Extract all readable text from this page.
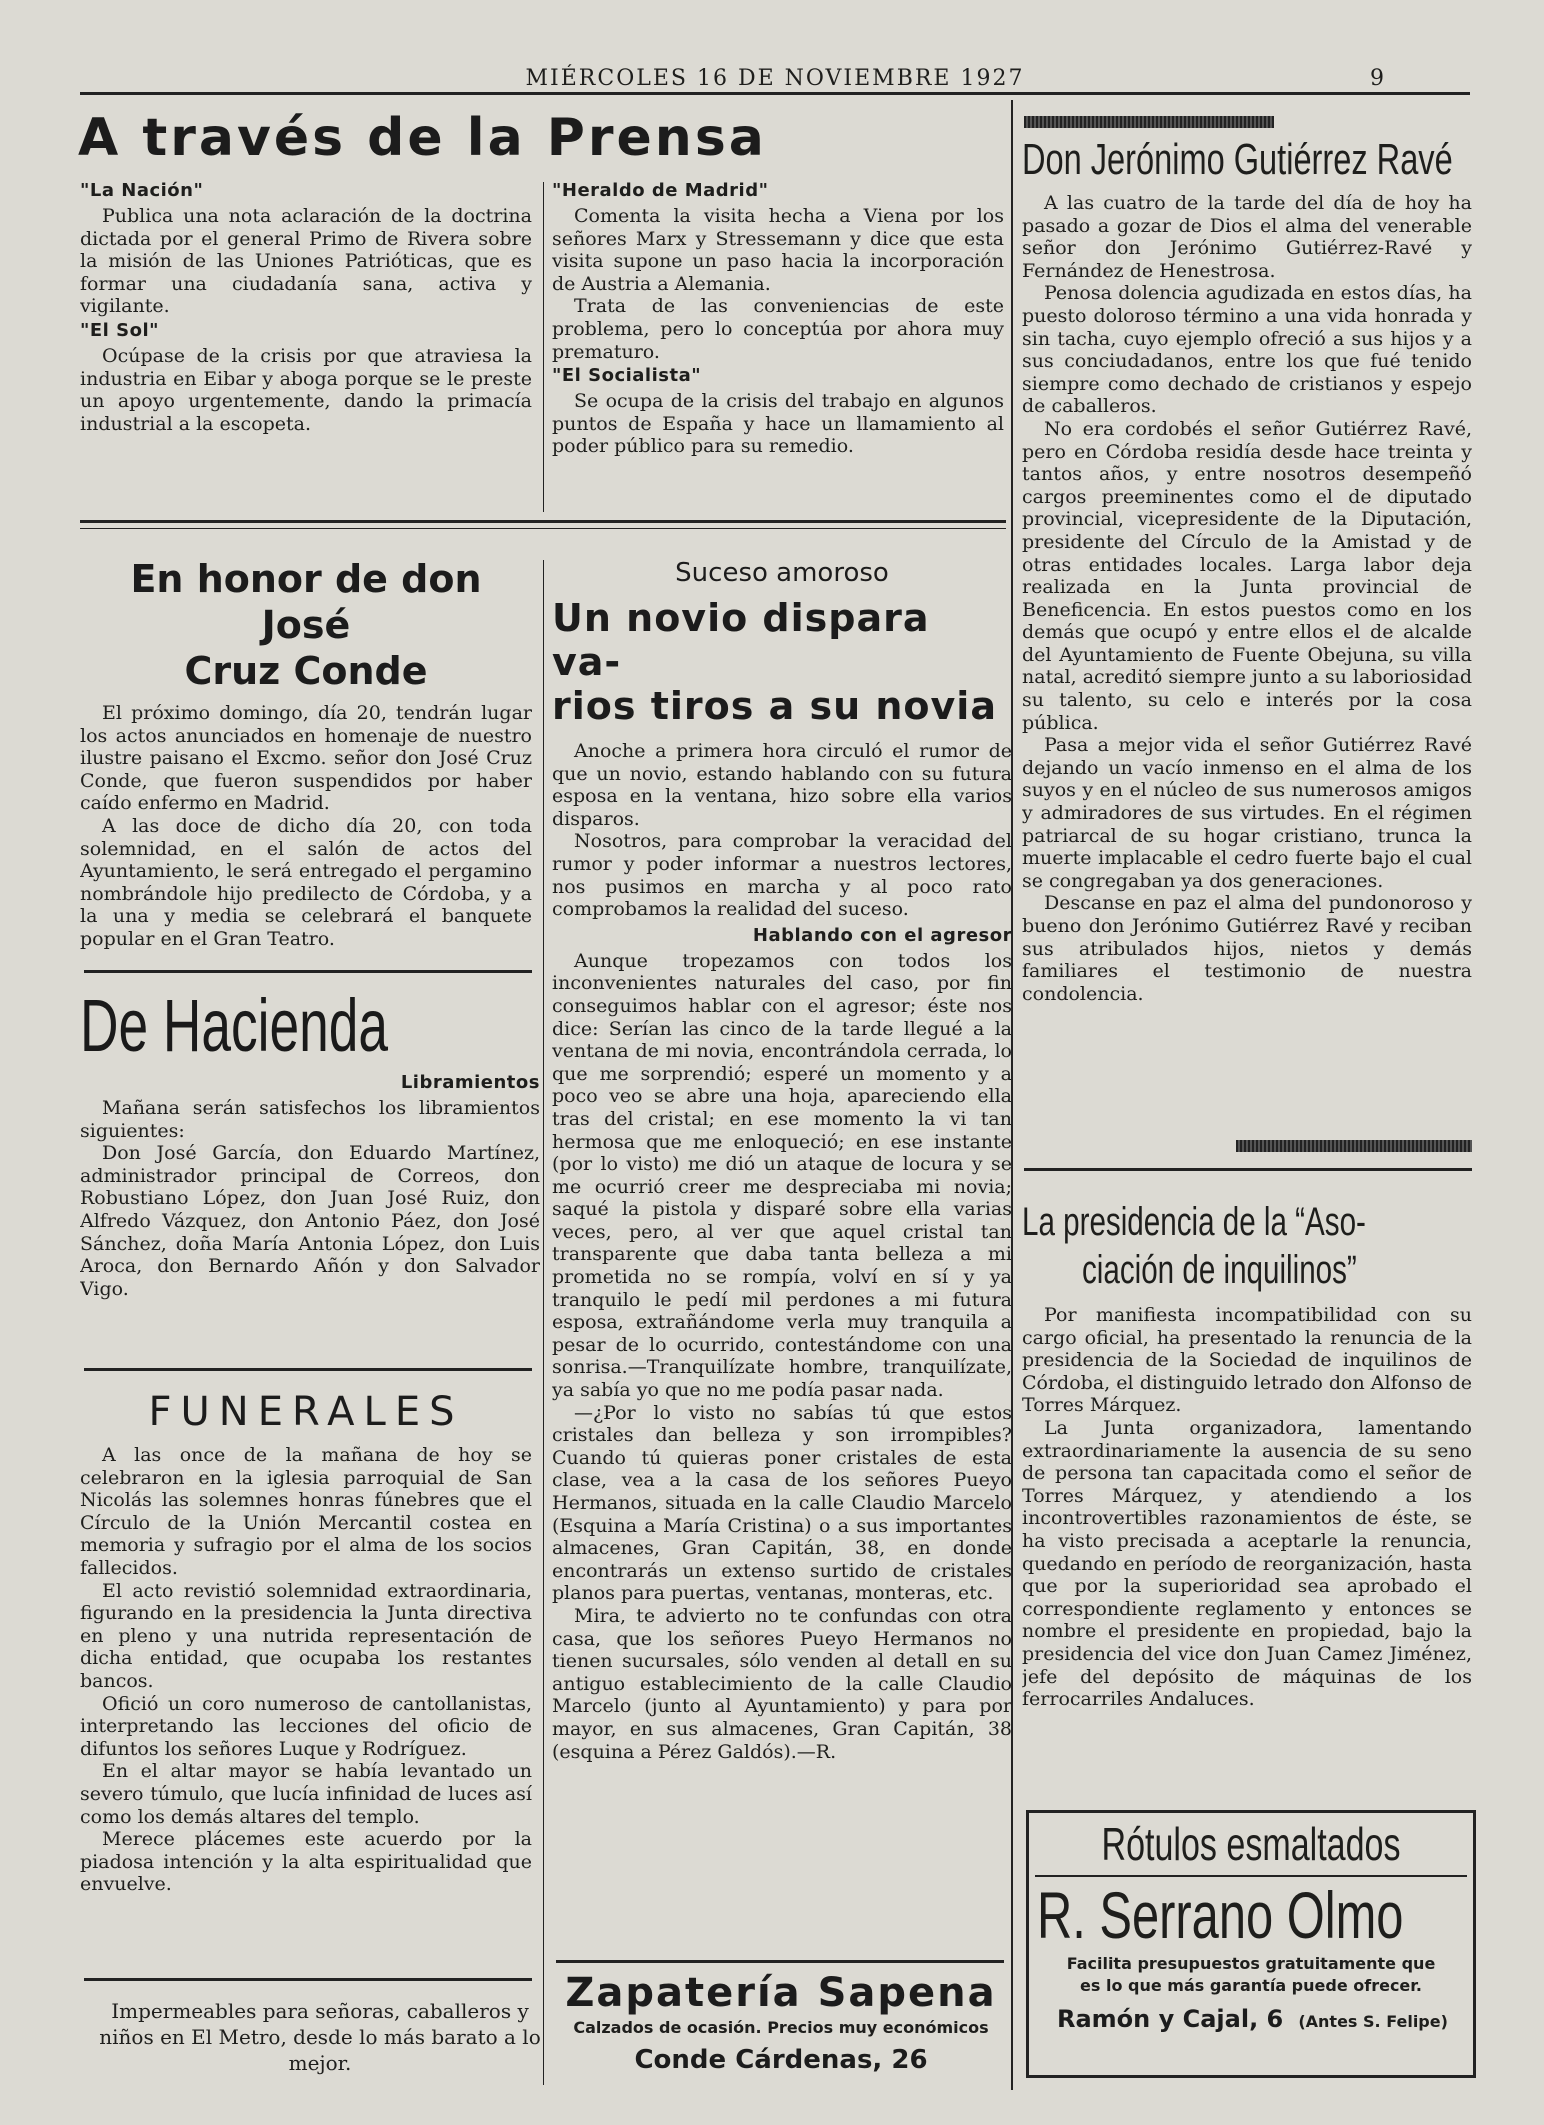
MIÉRCOLES 16 DE NOVIEMBRE 1927	9
A través de la Prensa
"La Nación"

Publica una nota aclaración de la doctrina dictada por el general Primo de Rivera sobre la misión de las Uniones Patrióticas, que es formar una ciudadanía sana, activa y vigilante.

"El Sol"

Ocúpase de la crisis por que atraviesa la industria en Eibar y aboga porque se le preste un apoyo urgentemente, dando la primacía industrial a la escopeta.

"Heraldo de Madrid"

Comenta la visita hecha a Viena por los señores Marx y Stressemann y dice que esta visita supone un paso hacia la incorporación de Austria a Alemania.

Trata de las conveniencias de este problema, pero lo conceptúa por ahora muy prematuro.

"El Socialista"

Se ocupa de la crisis del trabajo en algunos puntos de España y hace un llamamiento al poder público para su remedio.

En honor de don José
Cruz Conde

El próximo domingo, día 20, tendrán lugar los actos anunciados en homenaje de nuestro ilustre paisano el Excmo. señor don José Cruz Conde, que fueron suspendidos por haber caído enfermo en Madrid.

A las doce de dicho día 20, con toda solemnidad, en el salón de actos del Ayuntamiento, le será entregado el pergamino nombrándole hijo predilecto de Córdoba, y a la una y media se celebrará el banquete popular en el Gran Teatro.

De Hacienda
Libramientos

Mañana serán satisfechos los libramientos siguientes:

Don José García, don Eduardo Martínez, administrador principal de Correos, don Robustiano López, don Juan José Ruiz, don Alfredo Vázquez, don Antonio Páez, don José Sánchez, doña María Antonia López, don Luis Aroca, don Bernardo Añón y don Salvador Vigo.

FUNERALES

A las once de la mañana de hoy se celebraron en la iglesia parroquial de San Nicolás las solemnes honras fúnebres que el Círculo de la Unión Mercantil costea en memoria y sufragio por el alma de los socios fallecidos.

El acto revistió solemnidad extraordinaria, figurando en la presidencia la Junta directiva en pleno y una nutrida representación de dicha entidad, que ocupaba los restantes bancos.

Ofició un coro numeroso de cantollanistas, interpretando las lecciones del oficio de difuntos los señores Luque y Rodríguez.

En el altar mayor se había levantado un severo túmulo, que lucía infinidad de luces así como los demás altares del templo.

Merece plácemes este acuerdo por la piadosa intención y la alta espiritualidad que envuelve.

Impermeables para señoras, caballeros y niños en El Metro, desde lo más barato a lo mejor.

Suceso amoroso
Un novio dispara va-
rios tiros a su novia

Anoche a primera hora circuló el rumor de que un novio, estando hablando con su futura esposa en la ventana, hizo sobre ella varios disparos.

Nosotros, para comprobar la veracidad del rumor y poder informar a nuestros lectores, nos pusimos en marcha y al poco rato comprobamos la realidad del suceso.

Hablando con el agresor

Aunque tropezamos con todos los inconvenientes naturales del caso, por fin conseguimos hablar con el agresor; éste nos dice: Serían las cinco de la tarde llegué a la ventana de mi novia, encontrándola cerrada, lo que me sorprendió; esperé un momento y a poco veo se abre una hoja, apareciendo ella tras del cristal; en ese momento la vi tan hermosa que me enloqueció; en ese instante (por lo visto) me dió un ataque de locura y se me ocurrió creer me despreciaba mi novia; saqué la pistola y disparé sobre ella varias veces, pero, al ver que aquel cristal tan transparente que daba tanta belleza a mi prometida no se rompía, volví en sí y ya tranquilo le pedí mil perdones a mi futura esposa, extrañándome verla muy tranquila a pesar de lo ocurrido, contestándome con una sonrisa.—Tranquilízate hombre, tranquilízate, ya sabía yo que no me podía pasar nada.

—¿Por lo visto no sabías tú que estos cristales dan belleza y son irrompibles? Cuando tú quieras poner cristales de esta clase, vea a la casa de los señores Pueyo Hermanos, situada en la calle Claudio Marcelo (Esquina a María Cristina) o a sus importantes almacenes, Gran Capitán, 38, en donde encontrarás un extenso surtido de cristales planos para puertas, ventanas, monteras, etc.

Mira, te advierto no te confundas con otra casa, que los señores Pueyo Hermanos no tienen sucursales, sólo venden al detall en su antiguo establecimiento de la calle Claudio Marcelo (junto al Ayuntamiento) y para por mayor, en sus almacenes, Gran Capitán, 38 (esquina a Pérez Galdós).—R.

Zapatería Sapena
Calzados de ocasión. Precios muy económicos
Conde Cárdenas, 26
Don Jerónimo Gutiérrez Ravé

A las cuatro de la tarde del día de hoy ha pasado a gozar de Dios el alma del venerable señor don Jerónimo Gutiérrez-Ravé y Fernández de Henestrosa.

Penosa dolencia agudizada en estos días, ha puesto doloroso término a una vida honrada y sin tacha, cuyo ejemplo ofreció a sus hijos y a sus conciudadanos, entre los que fué tenido siempre como dechado de cristianos y espejo de caballeros.

No era cordobés el señor Gutiérrez Ravé, pero en Córdoba residía desde hace treinta y tantos años, y entre nosotros desempeñó cargos preeminentes como el de diputado provincial, vicepresidente de la Diputación, presidente del Círculo de la Amistad y de otras entidades locales. Larga labor deja realizada en la Junta provincial de Beneficencia. En estos puestos como en los demás que ocupó y entre ellos el de alcalde del Ayuntamiento de Fuente Obejuna, su villa natal, acreditó siempre junto a su laboriosidad su talento, su celo e interés por la cosa pública.

Pasa a mejor vida el señor Gutiérrez Ravé dejando un vacío inmenso en el alma de los suyos y en el núcleo de sus numerosos amigos y admiradores de sus virtudes. En el régimen patriarcal de su hogar cristiano, trunca la muerte implacable el cedro fuerte bajo el cual se congregaban ya dos generaciones.

Descanse en paz el alma del pundonoroso y bueno don Jerónimo Gutiérrez Ravé y reciban sus atribulados hijos, nietos y demás familiares el testimonio de nuestra condolencia.

La presidencia de la “Aso-
ciación de inquilinos”

Por manifiesta incompatibilidad con su cargo oficial, ha presentado la renuncia de la presidencia de la Sociedad de inquilinos de Córdoba, el distinguido letrado don Alfonso de Torres Márquez.

La Junta organizadora, lamentando extraordinariamente la ausencia de su seno de persona tan capacitada como el señor de Torres Márquez, y atendiendo a los incontrovertibles razonamientos de éste, se ha visto precisada a aceptarle la renuncia, quedando en período de reorganización, hasta que por la superioridad sea aprobado el correspondiente reglamento y entonces se nombre el presidente en propiedad, bajo la presidencia del vice don Juan Camez Jiménez, jefe del depósito de máquinas de los ferrocarriles Andaluces.

Rótulos esmaltados
R. Serrano Olmo
Facilita presupuestos gratuitamente que
es lo que más garantía puede ofrecer.
Ramón y Cajal, 6 (Antes S. Felipe)
